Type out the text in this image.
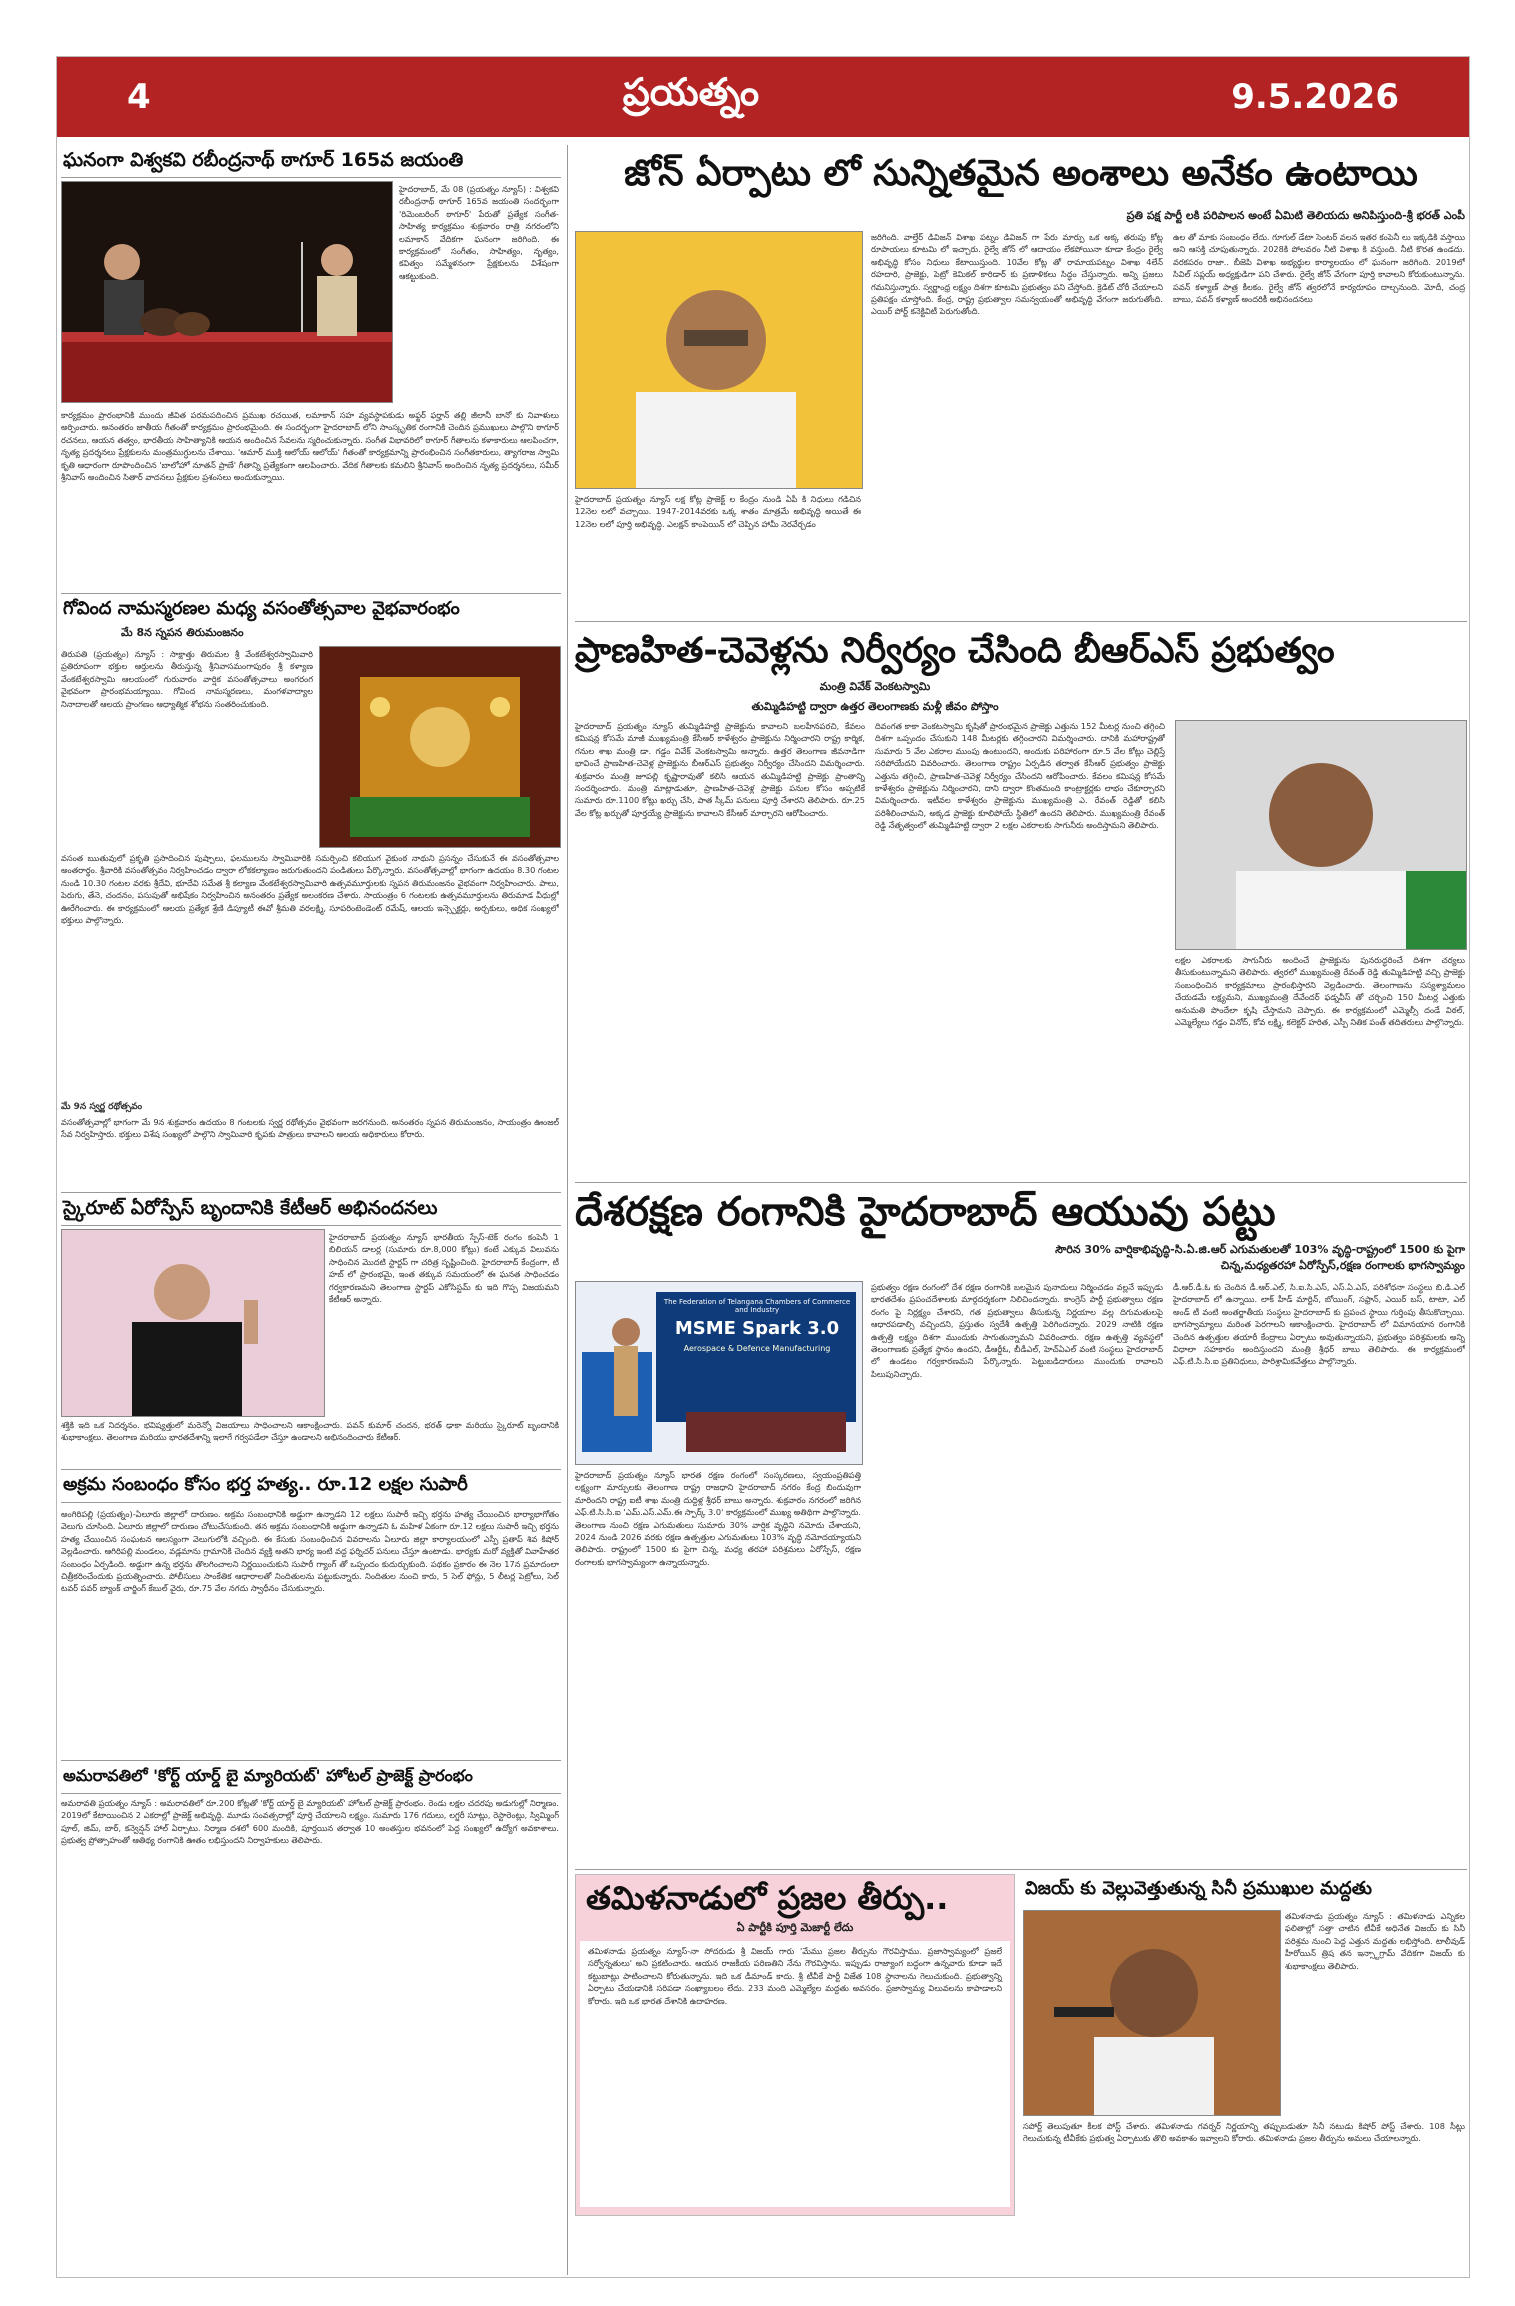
4	ప్రయత్నం	9.5.2026
ఘనంగా విశ్వకవి రబీంద్రనాథ్ ఠాగూర్ 165వ జయంతి

హైదరాబాద్, మే 08 (ప్రయత్నం న్యూస్) : విశ్వకవి రబీంద్రనాథ్ ఠాగూర్ 165వ జయంతి సందర్భంగా 'రిమెంబరింగ్ ఠాగూర్' పేరుతో ప్రత్యేక సంగీత-సాహిత్య కార్యక్రమం శుక్రవారం రాత్రి నగరంలోని లమాకాన్ వేదికగా ఘనంగా జరిగింది. ఈ కార్యక్రమంలో సంగీతం, సాహిత్యం, నృత్యం, కవిత్వం సమ్మేళనంగా ప్రేక్షకులను విశేషంగా ఆకట్టుకుంది.

కార్యక్రమం ప్రారంభానికి ముందు జీవిత పరమపదించిన ప్రముఖ రచయిత, లమాకాన్ సహ వ్యవస్థాపకుడు అఫ్జర్ ఫర్హాన్ తల్లి జీలానీ బానో కు నివాళులు అర్పించారు. అనంతరం జాతీయ గీతంతో కార్యక్రమం ప్రారంభమైంది. ఈ సందర్భంగా హైదరాబాద్ లోని సాంస్కృతిక రంగానికి చెందిన ప్రముఖులు పాల్గొని ఠాగూర్ రచనలు, ఆయన తత్వం, భారతీయ సాహిత్యానికి ఆయన అందించిన సేవలను స్మరించుకున్నారు. సంగీత విభావరిలో ఠాగూర్ గీతాలను కళాకారులు ఆలపించగా, నృత్య ప్రదర్శనలు ప్రేక్షకులను మంత్రముగ్ధులను చేశాయి. 'ఆమార్ ముక్తి ఆలోయ్ ఆలోయ్' గీతంతో కార్యక్రమాన్ని ప్రారంభించిన సంగీతకారులు, త్యాగరాజ స్వామి కృతి ఆధారంగా రూపొందించిన 'బాలోహో నూతన్ ప్రాణే' గీతాన్ని ప్రత్యేకంగా ఆలపించారు. వేదిక గీతాలకు కమలిని శ్రీనివాస్ అందించిన నృత్య ప్రదర్శనలు, సమీర్ శ్రీనివాస్ అందించిన సితార్ వాదనలు ప్రేక్షకుల ప్రశంసలు అందుకున్నాయి.

గోవింద నామస్మరణల మధ్య వసంతోత్సవాల వైభవారంభం
మే 8న స్నపన తిరుమంజనం

తిరుపతి (ప్రయత్నం) న్యూస్ : సాక్షాత్తు తిరుమల శ్రీ వేంకటేశ్వరస్వామివారి ప్రతిరూపంగా భక్తుల ఆర్తులను తీరుస్తున్న శ్రీనివాసమంగాపురం శ్రీ కళ్యాణ వేంకటేశ్వరస్వామి ఆలయంలో గురువారం వార్షిక వసంతోత్సవాలు అంగరంగ వైభవంగా ప్రారంభమయ్యాయి. గోవింద నామస్మరణలు, మంగళవాద్యాల నినాదాలతో ఆలయ ప్రాంగణం ఆధ్యాత్మిక శోభను సంతరించుకుంది.

వసంత ఋతువులో ప్రకృతి ప్రసాదించిన పుష్పాలు, ఫలములను స్వామివారికి సమర్పించి కలియుగ వైకుంఠ నాథుని ప్రసన్నం చేసుకునే ఈ వసంతోత్సవాల అంతరార్థం. శ్రీవారికి వసంతోత్సవం నిర్వహించడం ద్వారా లోకకల్యాణం జరుగుతుందని పండితులు పేర్కొన్నారు. వసంతోత్సవాల్లో భాగంగా ఉదయం 8.30 గంటల నుండి 10.30 గంటల వరకు శ్రీదేవి, భూదేవి సమేత శ్రీ కల్యాణ వేంకటేశ్వరస్వామివారి ఉత్సవమూర్తులకు స్నపన తిరుమంజనం వైభవంగా నిర్వహించారు. పాలు, పెరుగు, తేనె, చందనం, పసుపుతో అభిషేకం నిర్వహించిన అనంతరం ప్రత్యేక అలంకరణ చేశారు. సాయంత్రం 6 గంటలకు ఉత్సవమూర్తులను తిరుమాడ వీధుల్లో ఊరేగించారు. ఈ కార్యక్రమంలో ఆలయ ప్రత్యేక శ్రేణి డిప్యూటీ ఈవో శ్రీమతి వరలక్ష్మి, సూపరింటెండెంట్ రమేష్, ఆలయ ఇన్స్పెక్టర్లు, అర్చకులు, అధిక సంఖ్యలో భక్తులు పాల్గొన్నారు.

మే 9న స్వర్ణ రథోత్సవం

వసంతోత్సవాల్లో భాగంగా మే 9న శుక్రవారం ఉదయం 8 గంటలకు స్వర్ణ రథోత్సవం వైభవంగా జరగనుంది. అనంతరం స్నపన తిరుమంజనం, సాయంత్రం ఊంజల్ సేవ నిర్వహిస్తారు. భక్తులు విశేష సంఖ్యలో పాల్గొని స్వామివారి కృపకు పాత్రులు కావాలని ఆలయ అధికారులు కోరారు.

స్కైరూట్ ఏరోస్పేస్ బృందానికి కేటీఆర్ అభినందనలు

హైదరాబాద్ ప్రయత్నం న్యూస్ భారతీయ స్పేస్-టెక్ రంగం కంపెనీ 1 బిలియన్ డాలర్ల (సుమారు రూ.8,000 కోట్లు) కంటే ఎక్కువ విలువను సాధించిన మొదటి స్టార్టప్ గా చరిత్ర సృష్టించింది. హైదరాబాద్ కేంద్రంగా, టీ హబ్ లో ప్రారంభమై, ఇంత తక్కువ సమయంలో ఈ ఘనత సాధించడం గర్వకారణమని తెలంగాణ స్టార్టప్ ఎకోసిస్టమ్ కు ఇది గొప్ప విజయమని కేటీఆర్ అన్నారు.

శక్తికి ఇది ఒక నిదర్శనం. భవిష్యత్తులో మరెన్నో విజయాలు సాధించాలని ఆకాంక్షించారు. పవన్ కుమార్ చందన, భరత్ ఢాకా మరియు స్కైరూట్ బృందానికి శుభాకాంక్షలు. తెలంగాణ మరియు భారతదేశాన్ని ఇలాగే గర్వపడేలా చేస్తూ ఉండాలని అభినందించారు కేటీఆర్.

అక్రమ సంబంధం కోసం భర్త హత్య.. రూ.12 లక్షల సుపారీ

అంగిరిపల్లి (ప్రయత్నం)-ఏలూరు జిల్లాలో దారుణం. అక్రమ సంబంధానికి అడ్డుగా ఉన్నాడని 12 లక్షలు సుపారీ ఇచ్చి భర్తను హత్య చేయించిన భార్యాభాగోతం వెలుగు చూసింది. ఏలూరు జిల్లాలో దారుణం చోటుచేసుకుంది. తన అక్రమ సంబంధానికి అడ్డుగా ఉన్నాడని ఓ మహిళ ఏకంగా రూ.12 లక్షలు సుపారీ ఇచ్చి భర్తను హత్య చేయించిన సంఘటన ఆలస్యంగా వెలుగులోకి వచ్చింది. ఈ కేసుకు సంబంధించిన వివరాలను ఏలూరు జిల్లా కార్యాలయంలో ఎస్పీ ప్రతాప్ శివ కిషోర్ వెల్లడించారు. ఆగిరిపల్లి మండలం, వడ్లమాను గ్రామానికి చెందిన వ్యక్తి అతని భార్య ఇంటి వద్ద ఫర్నిచర్ పనులు చేస్తూ ఉంటాడు. భార్యకు మరో వ్యక్తితో వివాహేతర సంబంధం ఏర్పడింది. అడ్డుగా ఉన్న భర్తను తొలగించాలని నిర్ణయించుకుని సుపారీ గ్యాంగ్ తో ఒప్పందం కుదుర్చుకుంది. పథకం ప్రకారం ఈ నెల 17న ప్రమాదంలా చిత్రీకరించేందుకు ప్రయత్నించారు. పోలీసులు సాంకేతిక ఆధారాలతో నిందితులను పట్టుకున్నారు. నిందితుల నుంచి కారు, 5 సెల్ ఫోన్లు, 5 లీటర్ల పెట్రోలు, సెల్ టవర్ పవర్ బ్యాంక్ చార్జింగ్ కేబుల్ వైరు, రూ.75 వేల నగదు స్వాధీనం చేసుకున్నారు.

అమరావతిలో 'కోర్ట్ యార్డ్ బై మ్యారియట్' హోటల్ ప్రాజెక్ట్ ప్రారంభం

అమరావతి ప్రయత్నం న్యూస్ : అమరావతిలో రూ.200 కోట్లతో 'కోర్ట్ యార్డ్ బై మ్యారియట్' హోటల్ ప్రాజెక్ట్ ప్రారంభం. రెండు లక్షల చదరపు అడుగుల్లో నిర్మాణం. 2019లో కేటాయించిన 2 ఎకరాల్లో ప్రాజెక్ట్ అభివృద్ధి. మూడు సంవత్సరాల్లో పూర్తి చేయాలని లక్ష్యం. సుమారు 176 గదులు, లగ్జరీ సూట్లు, రెస్టారెంట్లు, స్విమ్మింగ్ పూల్, జిమ్, బార్, కన్వెన్షన్ హాల్ ఏర్పాటు. నిర్మాణ దశలో 600 మందికి, పూర్తయిన తర్వాత 10 అంతస్తుల భవనంలో పెద్ద సంఖ్యలో ఉద్యోగ అవకాశాలు. ప్రభుత్వ ప్రోత్సాహంతో ఆతిథ్య రంగానికి ఊతం లభిస్తుందని నిర్వాహకులు తెలిపారు.

జోన్ ఏర్పాటు లో సున్నితమైన అంశాలు అనేకం ఉంటాయి
ప్రతి పక్ష పార్టీ లకి పరిపాలన అంటే ఏమిటి తెలియదు అనిపిస్తుంది-శ్రీ భరత్ ఎంపీ

హైదరాబాద్ ప్రయత్నం న్యూస్ లక్ష కోట్ల ప్రాజెక్ట్ ల కేంద్రం నుండి ఏపీ కి నిధులు గడిచిన 12నెల లలో వచ్చాయి. 1947-2014వరకు ఒక్క శాతం మాత్రమే అభివృద్ధి అయితే ఈ 12నెల లలో పూర్తి అభివృద్ధి. ఎలక్షన్ కాంపెయిన్ లో చెప్పిన హామీ నెరవేర్చడం

జరిగింది. వాల్తేర్ డివిజన్ విశాఖ పట్నం డివిజన్ గా పేరు మార్పు ఒక అక్క తరుపు కోట్ల రూపాయలు కూటమి లో ఇచ్చారు. రైల్వే జోన్ లో ఆదాయం లేకపోయినా కూడా కేంద్రం రైల్వే అభివృద్ధి కోసం నిధులు కేటాయిస్తుంది. 10వేల కోట్ల తో రామాయపట్నం విశాఖ 4లేన్ రహదారి, ప్రాజెక్టు, పెట్రో కెమికల్ కారిడార్ కు ప్రణాళికలు సిద్ధం చేస్తున్నారు. అన్ని ప్రజలు గమనిస్తున్నారు. స్వర్ణాంధ్ర లక్ష్యం దిశగా కూటమి ప్రభుత్వం పని చేస్తోంది. క్రెడిట్ చోరీ చేయాలని ప్రతిపక్షం చూస్తోంది. కేంద్ర, రాష్ట్ర ప్రభుత్వాల సమన్వయంతో అభివృద్ధి వేగంగా జరుగుతోంది. ఎయిర్ పోర్ట్ కనెక్టివిటీ పెరుగుతోంది.

ఉల తో మాకు సంబంధం లేదు. గూగుల్ డేటా సెంటర్ వలన ఇతర కంపెనీ లు ఇక్కడికి వస్తాయి అని ఆసక్తి చూపుతున్నారు. 2028కి పోలవరం నీటి విశాఖ కి వస్తుంది. నీటి కొరత ఉండదు. వరకపరం రాజా.. బీజెపి విశాఖ అభ్యర్థుల కార్యాలయం లో ఘనంగా జరిగింది. 2019లో సివిల్ సప్లయ్ అధ్యక్షుడిగా పని చేశారు. రైల్వే జోన్ వేగంగా పూర్తి కావాలని కోరుకుంటున్నాను. పవన్ కళ్యాణ్ పాత్ర కీలకం. రైల్వే జోన్ త్వరలోనే కార్యరూపం దాల్చనుంది. మోదీ, చంద్ర బాబు, పవన్ కళ్యాణ్ అందరికీ అభినందనలు

ప్రాణహిత-చెవెళ్లను నిర్వీర్యం చేసింది బీఆర్ఎస్ ప్రభుత్వం
మంత్రి వివేక్ వెంకటస్వామి
తుమ్మిడిహట్టి ద్వారా ఉత్తర తెలంగాణకు మళ్లీ జీవం పోస్తాం

హైదరాబాద్ ప్రయత్నం న్యూస్ తుమ్మిడిహట్టి ప్రాజెక్టును కావాలని బలహీనపరచి, కేవలం కమిషన్ల కోసమే మాజీ ముఖ్యమంత్రి కేసీఆర్ కాళేశ్వరం ప్రాజెక్టును నిర్మించారని రాష్ట్ర కార్మిక, గనుల శాఖ మంత్రి డా. గడ్డం వివేక్ వెంకటస్వామి అన్నారు. ఉత్తర తెలంగాణ జీవనాడిగా భావించే ప్రాణహిత-చెవెళ్ల ప్రాజెక్టును బీఆర్ఎస్ ప్రభుత్వం నిర్వీర్యం చేసిందని విమర్శించారు. శుక్రవారం మంత్రి జూపల్లి కృష్ణారావుతో కలిసి ఆయన తుమ్మిడిహట్టి ప్రాజెక్టు ప్రాంతాన్ని సందర్శించారు. మంత్రి మాట్లాడుతూ, ప్రాణహిత-చెవెళ్ల ప్రాజెక్టు పనుల కోసం అప్పటికే సుమారు రూ.1100 కోట్లు ఖర్చు చేసి, పాత స్కీమ్ పనులు పూర్తి చేశారని తెలిపారు. రూ.25 వేల కోట్ల ఖర్చుతో పూర్తయ్యే ప్రాజెక్టును కావాలని కేసీఆర్ మార్చారని ఆరోపించారు.

దివంగత కాకా వెంకటస్వామి కృషితో ప్రారంభమైన ప్రాజెక్టు ఎత్తును 152 మీటర్ల నుంచి తగ్గించి దిశగా ఒప్పందం చేసుకుని 148 మీటర్లకు తగ్గించారని విమర్శించారు. దానికి మహారాష్ట్రతో సుమారు 5 వేల ఎకరాల ముంపు ఉంటుందని, అందుకు పరిహారంగా రూ.5 వేల కోట్లు చెల్లిస్తే సరిపోయేదని వివరించారు. తెలంగాణ రాష్ట్రం ఏర్పడిన తర్వాత కేసీఆర్ ప్రభుత్వం ప్రాజెక్టు ఎత్తును తగ్గించి, ప్రాణహిత-చెవెళ్ల నిర్వీర్యం చేసిందని ఆరోపించారు. కేవలం కమిషన్ల కోసమే కాళేశ్వరం ప్రాజెక్టును నిర్మించారని, దాని ద్వారా కొంతమంది కాంట్రాక్టర్లకు లాభం చేకూర్చారని విమర్శించారు. ఇటీవల కాళేశ్వరం ప్రాజెక్టును ముఖ్యమంత్రి ఎ. రేవంత్ రెడ్డితో కలిసి పరిశీలించామని, అక్కడ ప్రాజెక్టు కూలిపోయే స్థితిలో ఉందని తెలిపారు. ముఖ్యమంత్రి రేవంత్ రెడ్డి నేతృత్వంలో తుమ్మిడిహట్టి ద్వారా 2 లక్షల ఎకరాలకు సాగునీరు అందిస్తామని తెలిపారు.

లక్షల ఎకరాలకు సాగునీరు అందించే ప్రాజెక్టును పునరుద్ధరించే దిశగా చర్యలు తీసుకుంటున్నామని తెలిపారు. త్వరలో ముఖ్యమంత్రి రేవంత్ రెడ్డి తుమ్మిడిహట్టి వచ్చి ప్రాజెక్టు సంబంధించిన కార్యక్రమాలు ప్రారంభిస్తారని వెల్లడించారు. తెలంగాణను సస్యశ్యామలం చేయడమే లక్ష్యమని, ముఖ్యమంత్రి దేవేందర్ ఫడ్నవీస్ తో చర్చించి 150 మీటర్ల ఎత్తుకు అనుమతి పొందేలా కృషి చేస్తామని చెప్పారు. ఈ కార్యక్రమంలో ఎమ్మెల్సీ దండే విఠల్, ఎమ్మెల్యేలు గడ్డం వినోద్, కోవ లక్ష్మి, కలెక్టర్ హరిత, ఎస్పీ నితిక పంత్ తదితరులు పాల్గొన్నారు.

దేశరక్షణ రంగానికి హైదరాబాద్ ఆయువు పట్టు
సౌరిన 30% వార్షికాభివృద్ధి-సి.ఏ.జి.ఆర్ ఎగుమతులతో 103% వృద్ధి-రాష్ట్రంలో 1500 కు పైగా
చిన్న,మధ్యతరహా ఏరోస్పేస్,రక్షణ రంగాలకు భాగస్వామ్యం
The Federation of Telangana Chambers of Commerce and Industry
MSME Spark 3.0
Aerospace & Defence Manufacturing

హైదరాబాద్ ప్రయత్నం న్యూస్ భారత రక్షణ రంగంలో సంస్కరణలు, స్వయంప్రతిపత్తి లక్ష్యంగా మార్పులకు తెలంగాణ రాష్ట్ర రాజధాని హైదరాబాద్ నగరం కేంద్ర బిందువుగా మారిందని రాష్ట్ర ఐటీ శాఖ మంత్రి దుద్దిళ్ల శ్రీధర్ బాబు అన్నారు. శుక్రవారం నగరంలో జరిగిన ఎఫ్.టి.సి.సి.ఐ 'ఎమ్.ఎస్.ఎమ్.ఈ స్పార్క్ 3.0' కార్యక్రమంలో ముఖ్య అతిథిగా పాల్గొన్నారు. తెలంగాణ నుంచి రక్షణ ఎగుమతులు సుమారు 30% వార్షిక వృద్ధిని నమోదు చేశాయని, 2024 నుండి 2026 వరకు రక్షణ ఉత్పత్తుల ఎగుమతులు 103% వృద్ధి నమోదయ్యాయని తెలిపారు. రాష్ట్రంలో 1500 కు పైగా చిన్న, మధ్య తరహా పరిశ్రమలు ఏరోస్పేస్, రక్షణ రంగాలకు భాగస్వామ్యంగా ఉన్నాయన్నారు.

ప్రభుత్వం రక్షణ రంగంలో దేశ రక్షణ రంగానికి బలమైన పునాదులు నిర్మించడం వల్లనే ఇప్పుడు భారతదేశం ప్రపంచదేశాలకు మార్గదర్శకంగా నిలిచిందన్నారు. కాంగ్రెస్ పార్టీ ప్రభుత్వాలు రక్షణ రంగం పై నిర్లక్ష్యం చేశారని, గత ప్రభుత్వాలు తీసుకున్న నిర్ణయాల వల్ల దిగుమతులపై ఆధారపడాల్సి వచ్చిందని, ప్రస్తుతం స్వదేశీ ఉత్పత్తి పెరిగిందన్నారు. 2029 నాటికి రక్షణ ఉత్పత్తి లక్ష్యం దిశగా ముందుకు సాగుతున్నామని వివరించారు. రక్షణ ఉత్పత్తి వ్యవస్థలో తెలంగాణకు ప్రత్యేక స్థానం ఉందని, డీఆర్డీఓ, బీడీఎల్, హెచ్ఏఎల్ వంటి సంస్థలు హైదరాబాద్ లో ఉండటం గర్వకారణమని పేర్కొన్నారు. పెట్టుబడిదారులు ముందుకు రావాలని పిలుపునిచ్చారు.

డీ.ఆర్.డీ.ఓ కు చెందిన డీ.ఆర్.ఎల్, సి.ఐ.సి.ఎస్, ఎస్.ఏ.ఎస్, పరిశోధనా సంస్థలు బి.డి.ఎల్ హైదరాబాద్ లో ఉన్నాయి. లాక్ హీడ్ మార్టిన్, బోయింగ్, సఫ్రాన్, ఎయిర్ బస్, టాటా, ఎల్ అండ్ టీ వంటి అంతర్జాతీయ సంస్థలు హైదరాబాద్ కు ప్రపంచ స్థాయి గుర్తింపు తీసుకొచ్చాయి. భాగస్వామ్యాలు మరింత పెరగాలని ఆకాంక్షించారు. హైదరాబాద్ లో విమానయాన రంగానికి చెందిన ఉత్పత్తుల తయారీ కేంద్రాలు ఏర్పాటు అవుతున్నాయని, ప్రభుత్వం పరిశ్రమలకు అన్ని విధాలా సహకారం అందిస్తుందని మంత్రి శ్రీధర్ బాబు తెలిపారు. ఈ కార్యక్రమంలో ఎఫ్.టి.సి.సి.ఐ ప్రతినిధులు, పారిశ్రామికవేత్తలు పాల్గొన్నారు.

తమిళనాడులో ప్రజల తీర్పు..
ఏ పార్టీకి పూర్తి మెజార్టీ లేదు

తమిళనాడు ప్రయత్నం న్యూస్-నా సోదరుడు శ్రీ విజయ్ గారు 'మేము ప్రజల తీర్పును గౌరవిస్తాము. ప్రజాస్వామ్యంలో ప్రజలే సర్వోన్నతులు' అని ప్రకటించారు. ఆయన రాజకీయ పరిణతిని నేను గౌరవిస్తాను. ఇప్పుడు రాజ్యాంగ బద్ధంగా ఉన్నవారు కూడా ఇదే కట్టుబాట్లు పాటించాలని కోరుతున్నాను. ఇది ఒక డీమాండ్ కాదు. శ్రీ టీవీకే పార్టీ విజేత 108 స్థానాలను గెలుచుకుంది. ప్రభుత్వాన్ని ఏర్పాటు చేయడానికి సరిపడా సంఖ్యాబలం లేదు. 233 మంది ఎమ్మెల్యేల మద్దతు అవసరం. ప్రజాస్వామ్య విలువలను కాపాడాలని కోరారు. ఇది ఒక భారత దేశానికి ఉదాహరణ.

విజయ్ కు వెల్లువెత్తుతున్న సినీ ప్రముఖుల మద్దతు

తమిళనాడు ప్రయత్నం న్యూస్ : తమిళనాడు ఎన్నికల ఫలితాల్లో సత్తా చాటిన టీవీకే అధినేత విజయ్ కు సినీ పరిశ్రమ నుంచి పెద్ద ఎత్తున మద్దతు లభిస్తోంది. టాలీవుడ్ హీరోయిన్ త్రిష తన ఇన్స్టాగ్రామ్ వేదికగా విజయ్ కు శుభాకాంక్షలు తెలిపారు.

సపోర్ట్ తెలుపుతూ కీలక పోస్ట్ చేశారు. తమిళనాడు గవర్నర్ నిర్ణయాన్ని తప్పుబడుతూ సినీ నటుడు కిషోర్ పోస్ట్ చేశారు. 108 సీట్లు గెలుచుకున్న టీవీకేకు ప్రభుత్వ ఏర్పాటుకు తొలి అవకాశం ఇవ్వాలని కోరారు. తమిళనాడు ప్రజల తీర్పును అమలు చేయాలన్నారు.
